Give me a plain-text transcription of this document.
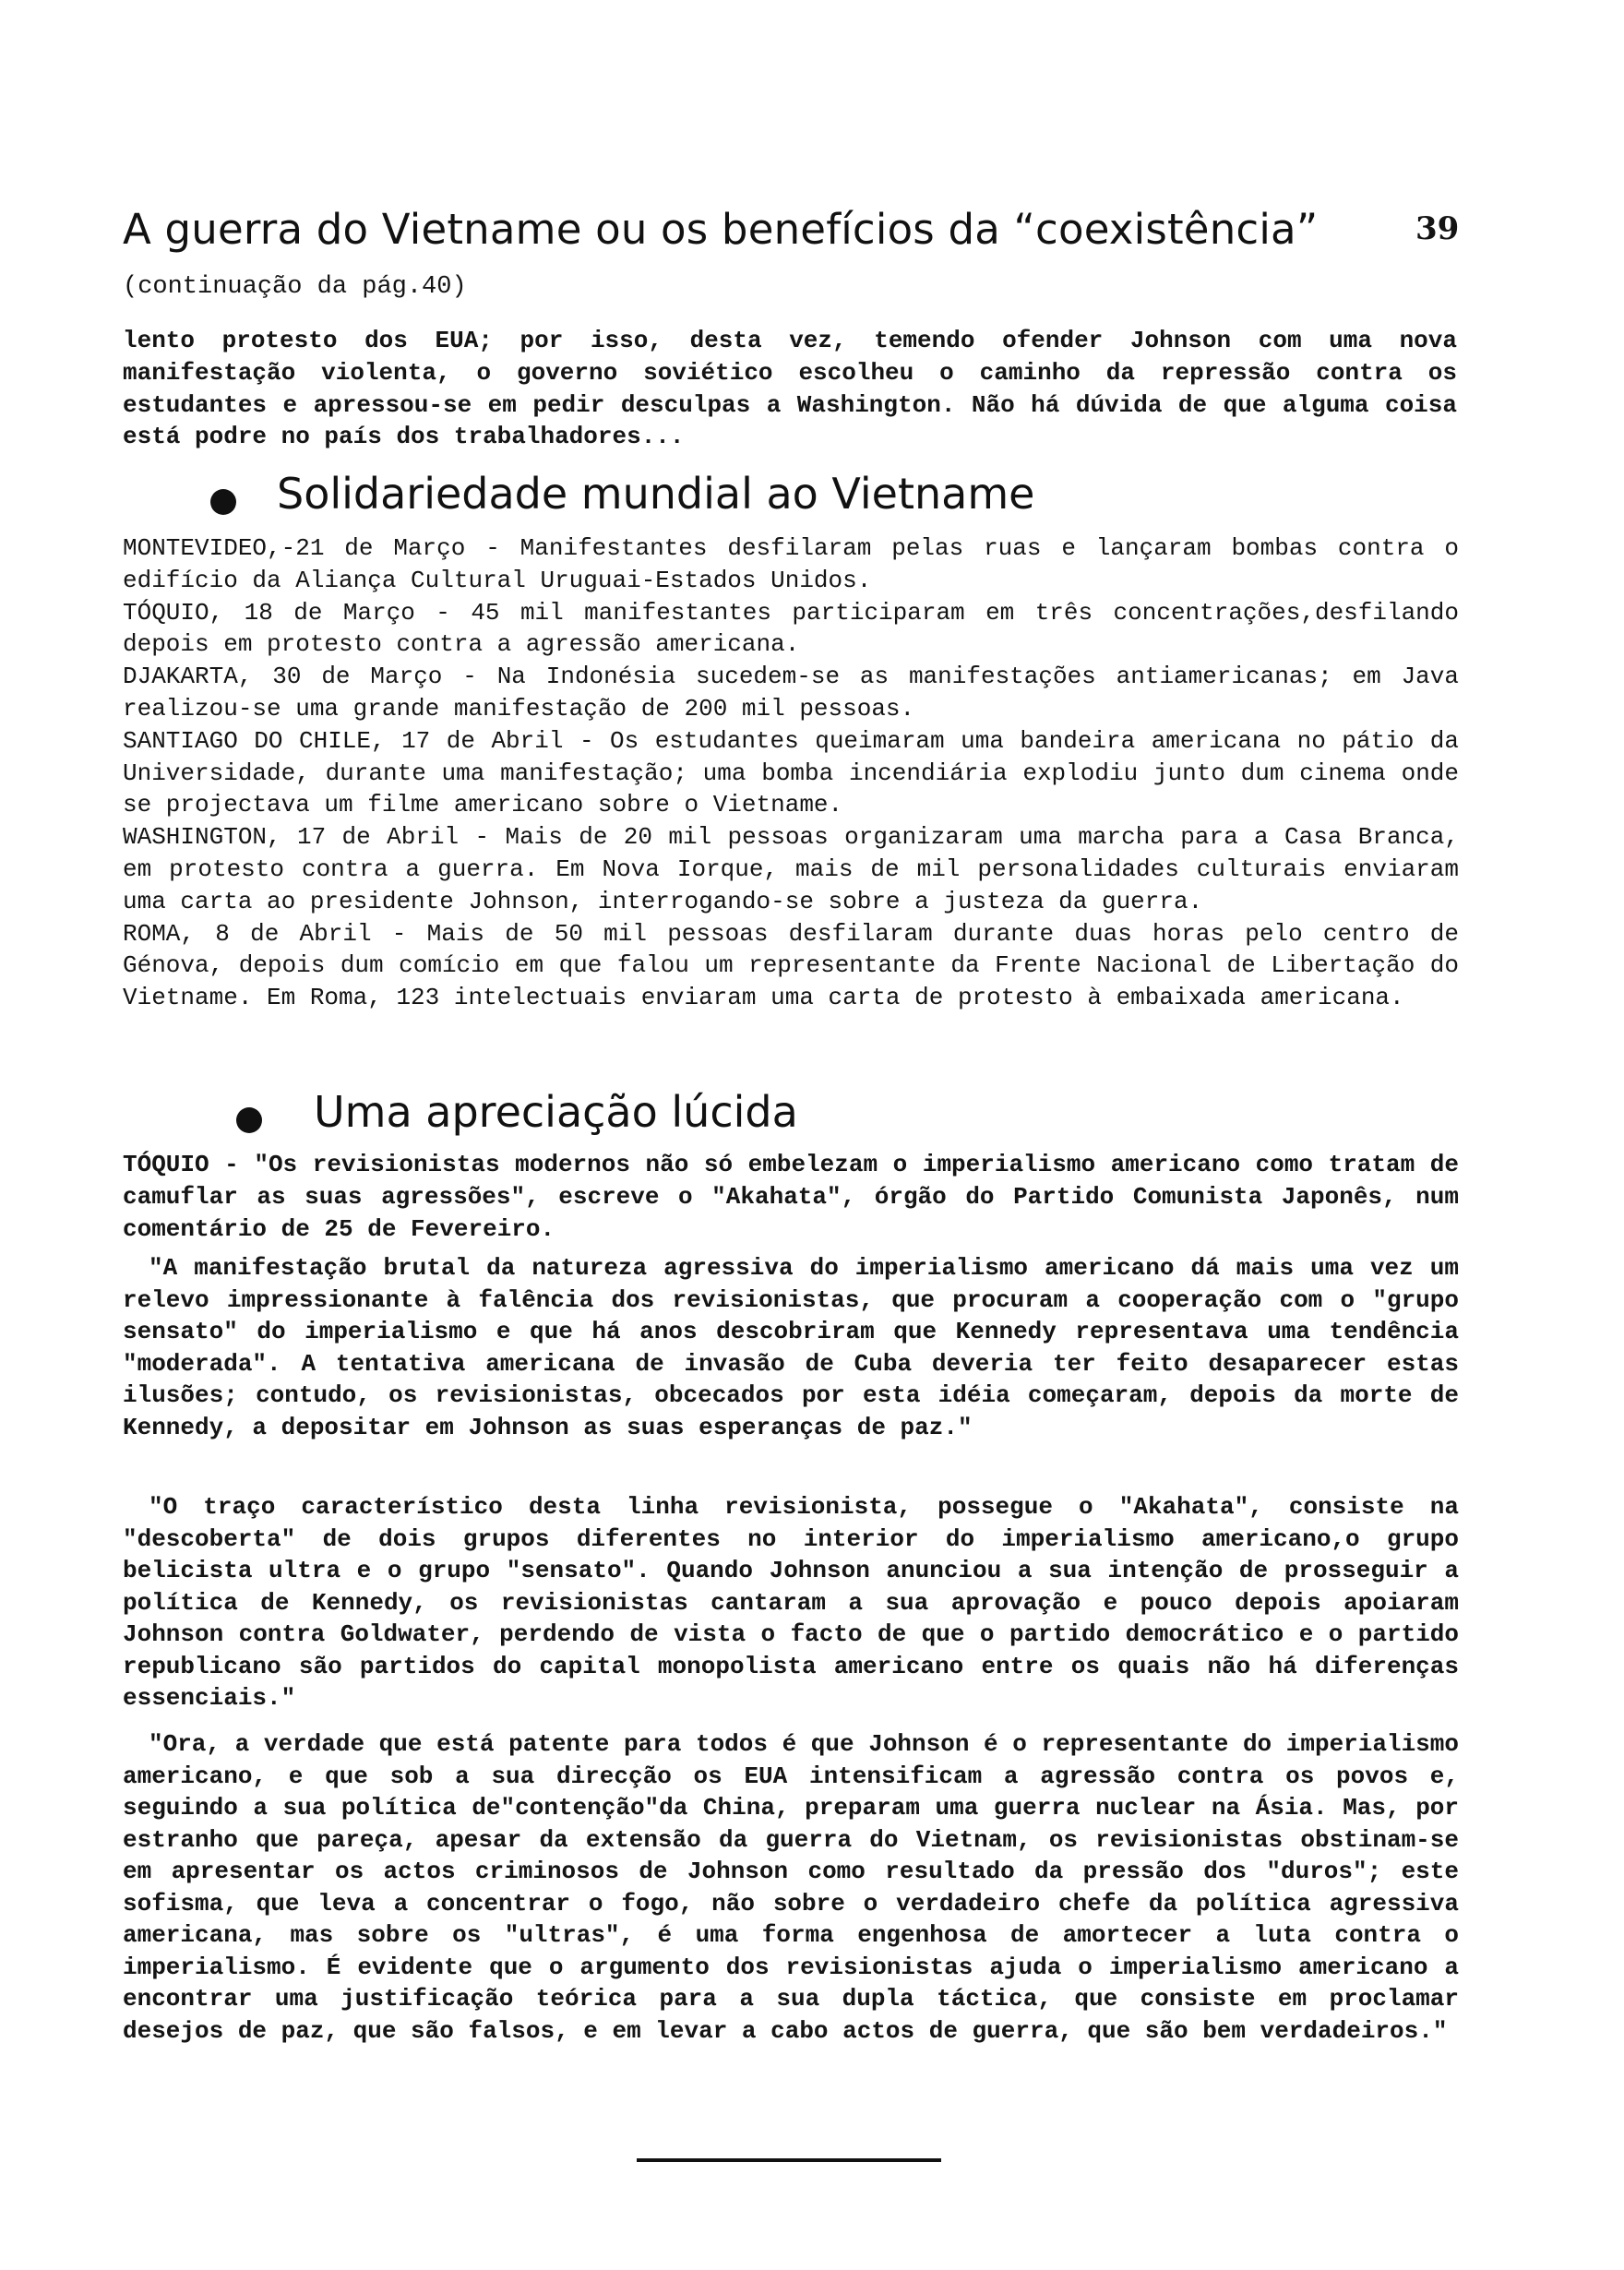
A guerra do Vietname ou os benefícios da “coexistência”	39
(continuação da pág.40)

lento protesto dos EUA; por isso, desta vez, temendo ofender Johnson com uma nova manifestação violenta, o governo soviético escolheu o caminho da repressão contra os estudantes e apressou-se em pedir desculpas a Washington. Não há dúvida de que alguma coisa está podre no país dos trabalhadores...

Solidariedade mundial ao Vietname

MONTEVIDEO,-21 de Março - Manifestantes desfilaram pelas ruas e lançaram bombas contra o edifício da Aliança Cultural Uruguai-Estados Unidos.

TÓQUIO, 18 de Março - 45 mil manifestantes participaram em três concentrações,desfilando depois em protesto contra a agressão americana.

DJAKARTA, 30 de Março - Na Indonésia sucedem-se as manifestações antiamericanas; em Java realizou-se uma grande manifestação de 200 mil pessoas.

SANTIAGO DO CHILE, 17 de Abril - Os estudantes queimaram uma bandeira americana no pátio da Universidade, durante uma manifestação; uma bomba incendiária explodiu junto dum cinema onde se projectava um filme americano sobre o Vietname.

WASHINGTON, 17 de Abril - Mais de 20 mil pessoas organizaram uma marcha para a Casa Branca, em protesto contra a guerra. Em Nova Iorque, mais de mil personalidades culturais enviaram uma carta ao presidente Johnson, interrogando-se sobre a justeza da guerra.

ROMA, 8 de Abril - Mais de 50 mil pessoas desfilaram durante duas horas pelo centro de Génova, depois dum comício em que falou um representante da Frente Nacional de Libertação do Vietname. Em Roma, 123 intelectuais enviaram uma carta de protesto à embaixada americana.

Uma apreciação lúcida

TÓQUIO - "Os revisionistas modernos não só embelezam o imperialismo americano como tratam de camuflar as suas agressões", escreve o "Akahata", órgão do Partido Comunista Japonês, num comentário de 25 de Fevereiro.

"A manifestação brutal da natureza agressiva do imperialismo americano dá mais uma vez um relevo impressionante à falência dos revisionistas, que procuram a cooperação com o "grupo sensato" do imperialismo e que há anos descobriram que Kennedy representava uma tendência "moderada". A tentativa americana de invasão de Cuba deveria ter feito desaparecer estas ilusões; contudo, os revisionistas, obcecados por esta idéia começaram, depois da morte de Kennedy, a depositar em Johnson as suas esperanças de paz."

"O traço característico desta linha revisionista, possegue o "Akahata", consiste na "descoberta" de dois grupos diferentes no interior do imperialismo americano,o grupo belicista ultra e o grupo "sensato". Quando Johnson anunciou a sua intenção de prosseguir a política de Kennedy, os revisionistas cantaram a sua aprovação e pouco depois apoiaram Johnson contra Goldwater, perdendo de vista o facto de que o partido democrático e o partido republicano são partidos do capital monopolista americano entre os quais não há diferenças essenciais."

"Ora, a verdade que está patente para todos é que Johnson é o representante do imperialismo americano, e que sob a sua direcção os EUA intensificam a agressão contra os povos e, seguindo a sua política de"contenção"da China, preparam uma guerra nuclear na Ásia. Mas, por estranho que pareça, apesar da extensão da guerra do Vietnam, os revisionistas obstinam-se em apresentar os actos criminosos de Johnson como resultado da pressão dos "duros"; este sofisma, que leva a concentrar o fogo, não sobre o verdadeiro chefe da política agressiva americana, mas sobre os "ultras", é uma forma engenhosa de amortecer a luta contra o imperialismo. É evidente que o argumento dos revisionistas ajuda o imperialismo americano a encontrar uma justificação teórica para a sua dupla táctica, que consiste em proclamar desejos de paz, que são falsos, e em levar a cabo actos de guerra, que são bem verdadeiros."
